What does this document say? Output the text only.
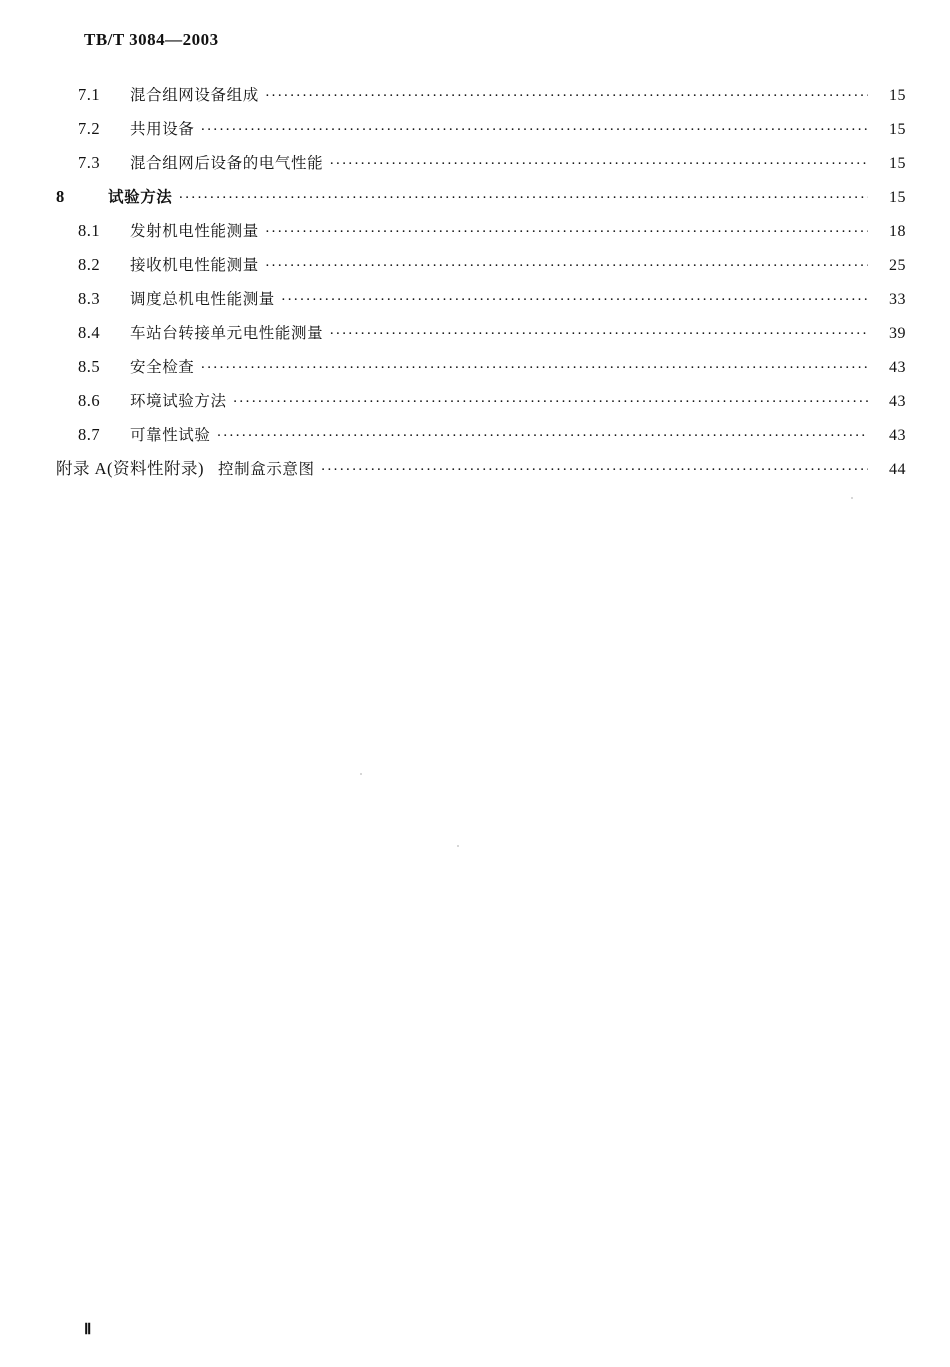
TB/T 3084—2003
7.1	混合组网设备组成 ·····	15
7.2	共用设备 ·····	15
7.3	混合组网后设备的电气性能 ·····	15
8	试验方法 ·····	15
8.1	发射机电性能测量 ·····	18
8.2	接收机电性能测量 ·····	25
8.3	调度总机电性能测量 ·····	33
8.4	车站台转接单元电性能测量 ·····	39
8.5	安全检查 ·····	43
8.6	环境试验方法 ·····	43
8.7	可靠性试验 ·····	43
附录 A(资料性附录) 控制盒示意图 ·····	44
Ⅱ
